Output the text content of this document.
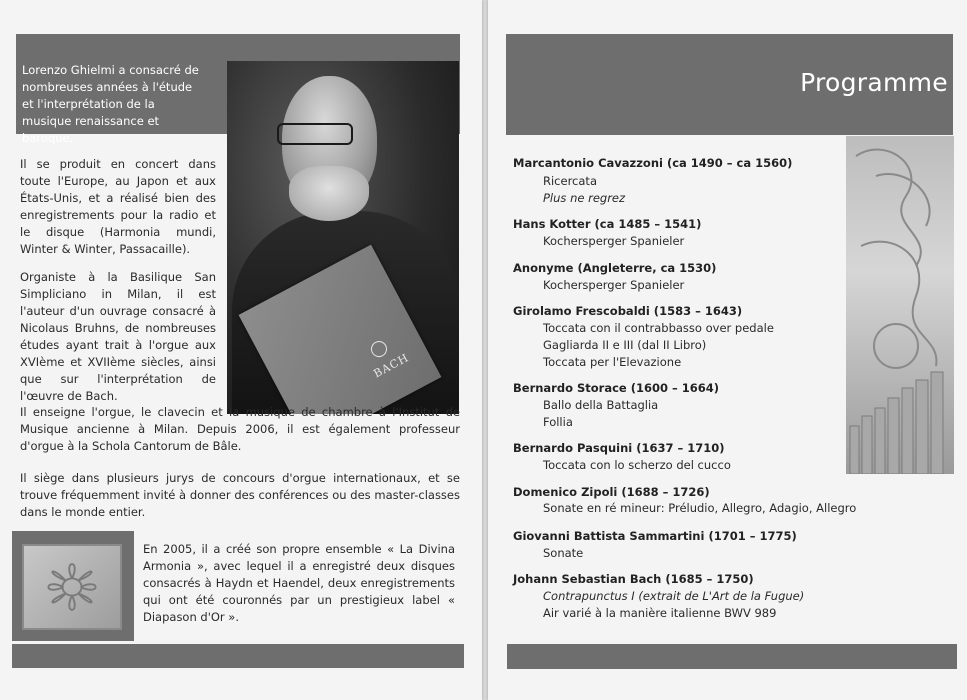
Lorenzo Ghielmi a consacré de nombreuses années à l'étude et l'interprétation de la musique renaissance et baroque.
BACH
Il se produit en concert dans toute l'Europe, au Japon et aux États-Unis, et a réalisé bien des enregistrements pour la radio et le disque (Harmonia mundi, Winter & Winter, Passacaille).
Organiste à la Basilique San Simpliciano in Milan, il est l'auteur d'un ouvrage consacré à Nicolaus Bruhns, de nombreuses études ayant trait à l'orgue aux XVIème et XVIIème siècles, ainsi que sur l'interprétation de l'œuvre de Bach.
Il enseigne l'orgue, le clavecin et la musique de chambre à l'Institut de Musique ancienne à Milan. Depuis 2006, il est également professeur d'orgue à la Schola Cantorum de Bâle.
Il siège dans plusieurs jurys de concours d'orgue internationaux, et se trouve fréquemment invité à donner des conférences ou des master-classes dans le monde entier.
En 2005, il a créé son propre ensemble « La Divina Armonia », avec lequel il a enregistré deux disques consacrés à Haydn et Haendel, deux enregistrements qui ont été couronnés par un prestigieux label « Diapason d'Or ».
Programme
Marcantonio Cavazzoni (ca 1490 – ca 1560)
Ricercata
Plus ne regrez
Hans Kotter (ca 1485 – 1541)
Kochersperger Spanieler
Anonyme (Angleterre, ca 1530)
Kochersperger Spanieler
Girolamo Frescobaldi (1583 – 1643)
Toccata con il contrabbasso over pedale
Gagliarda II e III (dal II Libro)
Toccata per l'Elevazione
Bernardo Storace (1600 – 1664)
Ballo della Battaglia
Follia
Bernardo Pasquini (1637 – 1710)
Toccata con lo scherzo del cucco
Domenico Zipoli (1688 – 1726)
Sonate en ré mineur: Préludio, Allegro, Adagio, Allegro
Giovanni Battista Sammartini (1701 – 1775)
Sonate
Johann Sebastian Bach (1685 – 1750)
Contrapunctus I (extrait de L'Art de la Fugue)
Air varié à la manière italienne BWV 989
